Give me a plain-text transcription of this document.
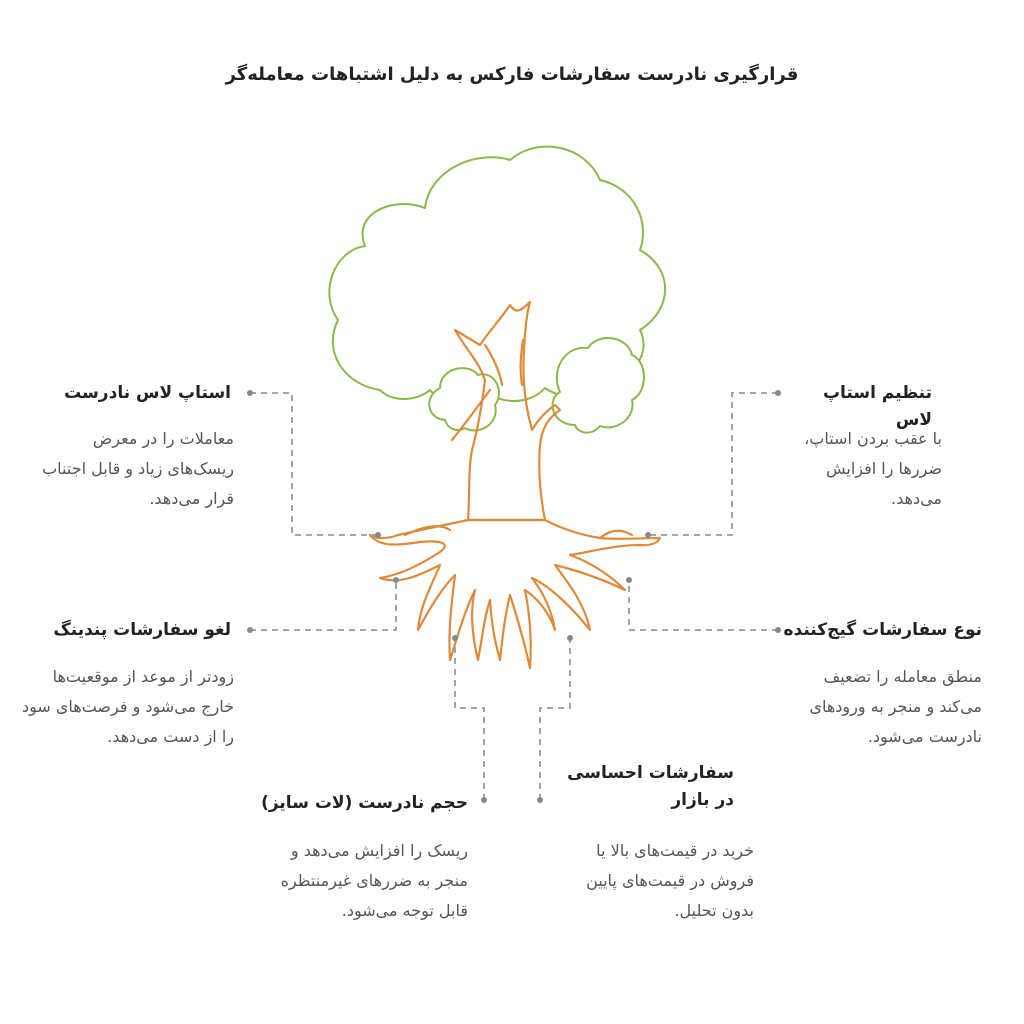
قرارگیری نادرست سفارشات فارکس به دلیل اشتباهات معامله‌گر
استاپ لاس نادرست
معاملات را در معرض ریسک‌های زیاد و قابل اجتناب قرار می‌دهد.
لغو سفارشات پندینگ
زودتر از موعد از موقعیت‌ها خارج می‌شود و فرصت‌های سود را از دست می‌دهد.
حجم نادرست (لات سایز)
ریسک را افزایش می‌دهد و منجر به ضررهای غیرمنتظره قابل توجه می‌شود.
سفارشات احساسی در بازار
خرید در قیمت‌های بالا یا فروش در قیمت‌های پایین بدون تحلیل.
نوع سفارشات گیج‌کننده
منطق معامله را تضعیف می‌کند و منجر به ورودهای نادرست می‌شود.
تنظیم استاپ لاس
با عقب بردن استاپ، ضررها را افزایش می‌دهد.
